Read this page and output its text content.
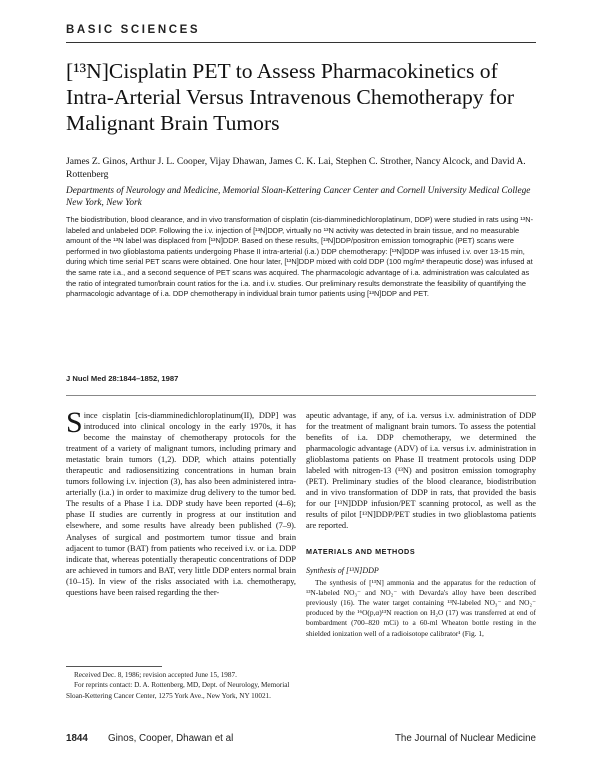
BASIC SCIENCES
[¹³N]Cisplatin PET to Assess Pharmacokinetics of Intra-Arterial Versus Intravenous Chemotherapy for Malignant Brain Tumors

James Z. Ginos, Arthur J. L. Cooper, Vijay Dhawan, James C. K. Lai, Stephen C. Strother, Nancy Alcock, and David A. Rottenberg

Departments of Neurology and Medicine, Memorial Sloan-Kettering Cancer Center and Cornell University Medical College New York, New York

The biodistribution, blood clearance, and in vivo transformation of cisplatin (cis-diamminedichloroplatinum, DDP) were studied in rats using ¹³N-labeled and unlabeled DDP. Following the i.v. injection of [¹³N]DDP, virtually no ¹³N activity was detected in brain tissue, and no measurable amount of the ¹³N label was displaced from [¹³N]DDP. Based on these results, [¹³N]DDP/positron emission tomographic (PET) scans were performed in two glioblastoma patients undergoing Phase II intra-arterial (i.a.) DDP chemotherapy: [¹³N]DDP was infused i.v. over 13-15 min, during which time serial PET scans were obtained. One hour later, [¹³N]DDP mixed with cold DDP (100 mg/m² therapeutic dose) was infused at the same rate i.a., and a second sequence of PET scans was acquired. The pharmacologic advantage of i.a. administration was calculated as the ratio of integrated tumor/brain count ratios for the i.a. and i.v. studies. Our preliminary results demonstrate the feasibility of quantifying the pharmacologic advantage of i.a. DDP chemotherapy in individual brain tumor patients using [¹³N]DDP and PET.

J Nucl Med 28:1844–1852, 1987

Since cisplatin [cis-diamminedichloroplatinum(II), DDP] was introduced into clinical oncology in the early 1970s, it has become the mainstay of chemotherapy protocols for the treatment of a variety of malignant tumors, including primary and metastatic brain tumors (1,2). DDP, which attains potentially therapeutic and radiosensitizing concentrations in human brain tumors following i.v. injection (3), has also been administered intra-arterially (i.a.) in order to maximize drug delivery to the tumor bed. The results of a Phase I i.a. DDP study have been reported (4–6); phase II studies are currently in progress at our institution and elsewhere, and some results have already been published (7–9). Analyses of surgical and postmortem tumor tissue and brain adjacent to tumor (BAT) from patients who received i.v. or i.a. DDP indicate that, whereas potentially therapeutic concentrations of DDP are achieved in tumors and BAT, very little DDP enters normal brain (10–15). In view of the risks associated with i.a. chemotherapy, questions have been raised regarding the ther-

apeutic advantage, if any, of i.a. versus i.v. administration of DDP for the treatment of malignant brain tumors. To assess the potential benefits of i.a. DDP chemotherapy, we determined the pharmacologic advantage (ADV) of i.a. versus i.v. administration in glioblastoma patients on Phase II treatment protocols using DDP labeled with nitrogen-13 (¹³N) and positron emission tomography (PET). Preliminary studies of the blood clearance, biodistribution and in vivo transformation of DDP in rats, that provided the basis for our [¹³N]DDP infusion/PET scanning protocol, as well as the results of pilot [¹³N]DDP/PET studies in two glioblastoma patients are reported.

MATERIALS AND METHODS

Synthesis of [¹³N]DDP

The synthesis of [¹³N] ammonia and the apparatus for the reduction of ¹³N-labeled NO₃⁻ and NO₂⁻ with Devarda's alloy have been described previously (16). The water target containing ¹³N-labeled NO₃⁻ and NO₂⁻ produced by the ¹⁶O(p,α)¹³N reaction on H₂O (17) was transferred at end of bombardment (700–820 mCi) to a 60-ml Wheaton bottle resting in the shielded ionization well of a radioisotope calibrator¹ (Fig. 1,

Received Dec. 8, 1986; revision accepted June 15, 1987.

For reprints contact: D. A. Rottenberg, MD, Dept. of Neurology, Memorial Sloan-Kettering Cancer Center, 1275 York Ave., New York, NY 10021.

1844 Ginos, Cooper, Dhawan et al	The Journal of Nuclear Medicine
